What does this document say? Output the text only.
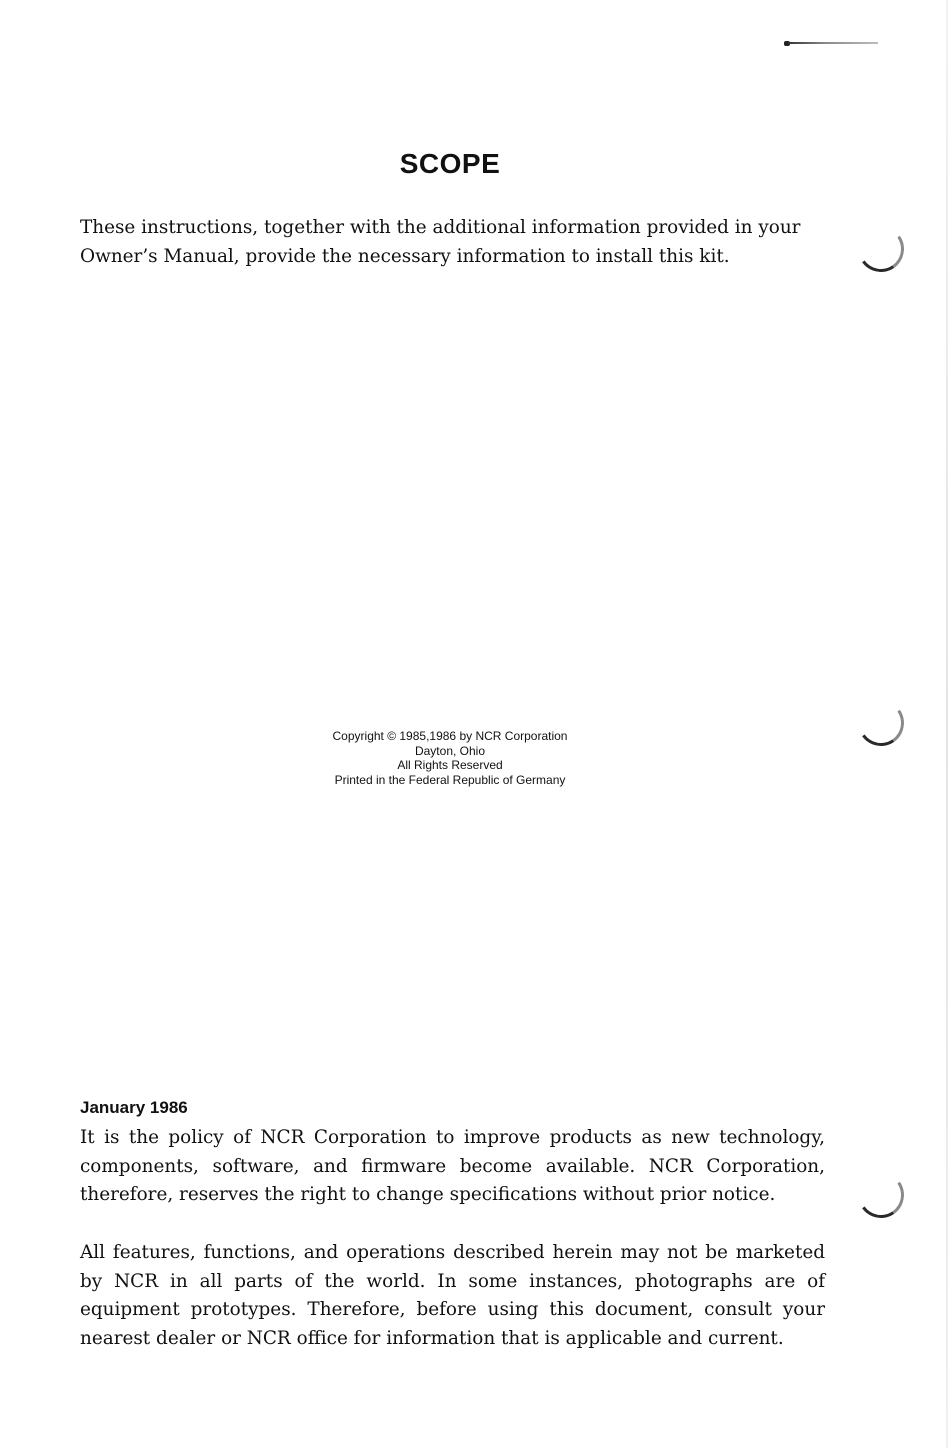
SCOPE

These instructions, together with the additional information provided in your Owner’s Manual, provide the necessary information to install this kit.

Copyright © 1985,1986 by NCR Corporation
Dayton, Ohio
All Rights Reserved
Printed in the Federal Republic of Germany
January 1986

It is the policy of NCR Corporation to improve products as new technology, components, software, and firmware become available. NCR Corporation, therefore, reserves the right to change specifications without prior notice.

All features, functions, and operations described herein may not be marketed by NCR in all parts of the world. In some instances, photographs are of equipment prototypes. Therefore, before using this document, consult your nearest dealer or NCR office for information that is applicable and current.
